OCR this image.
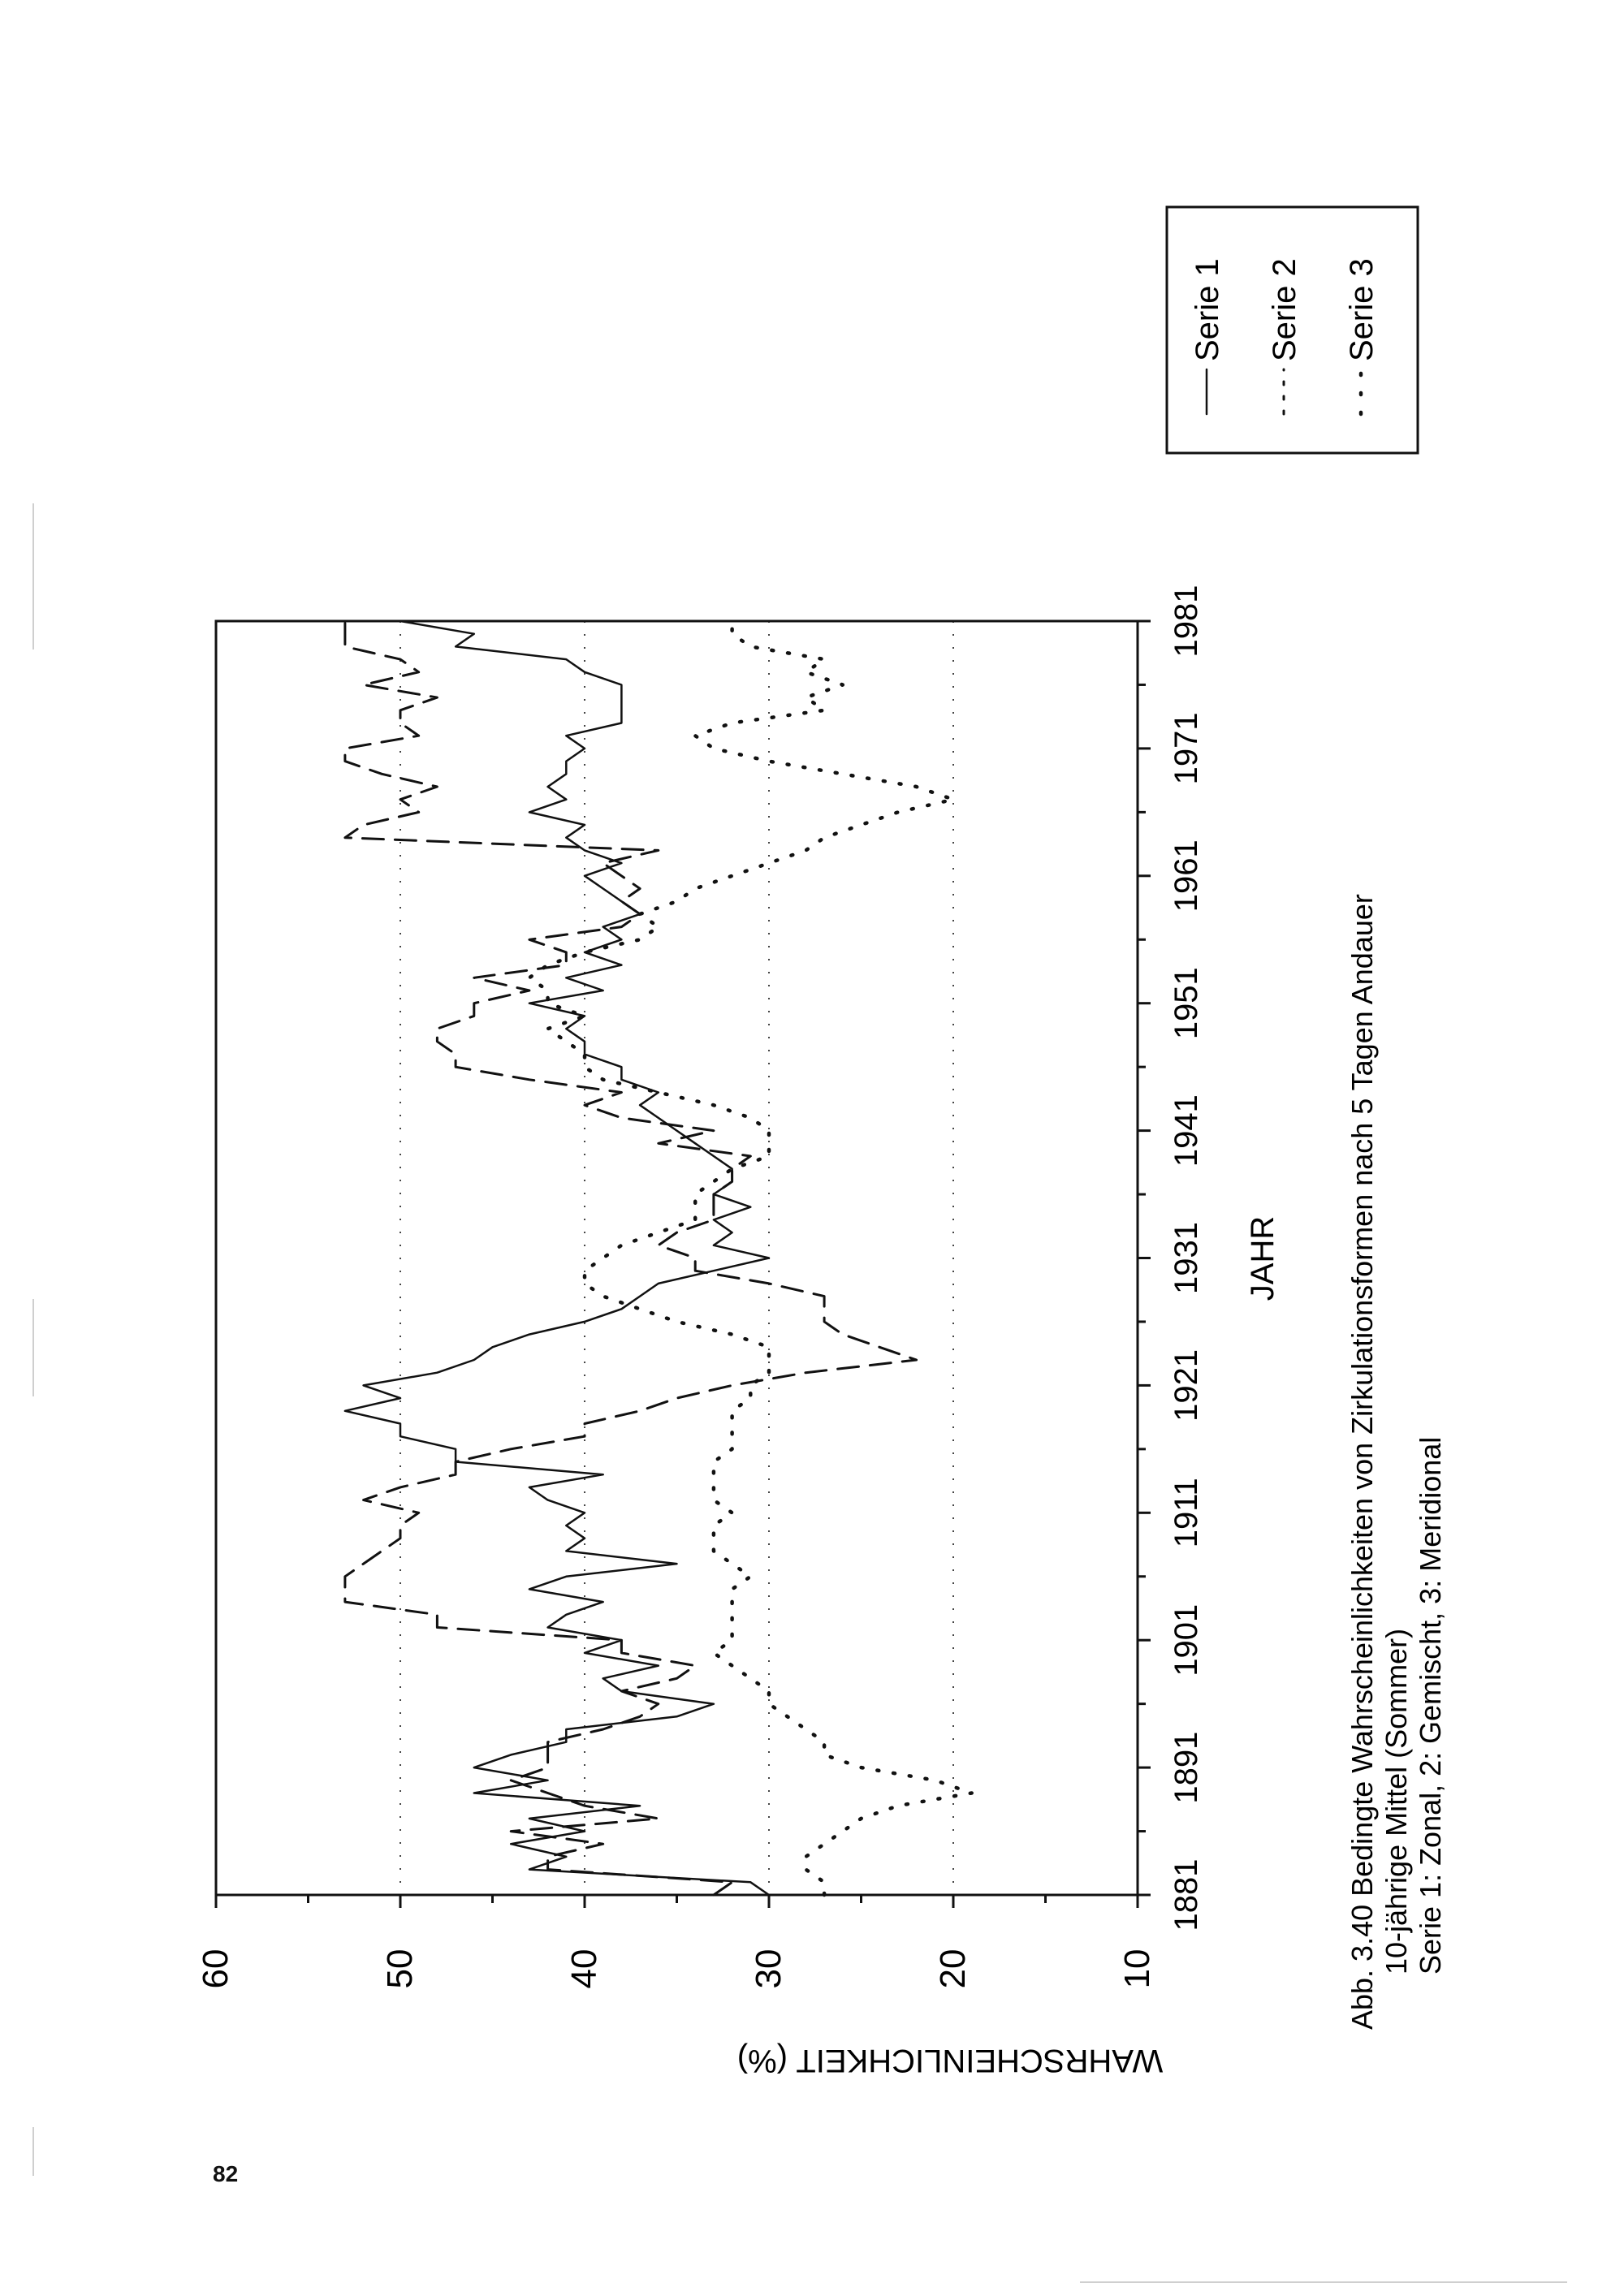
1881
1891
1901
1911
1921
1931
1941
1951
1961
1971
1981
10
20
30
40
50
60
JAHR
WAHRSCHEINLICHKEIT (%)
Serie 1 Serie 2 Serie 3
Abb. 3.40 Bedingte Wahrscheinlichkeiten von Zirkulationsformen nach 5 Tagen Andauer 10-jährige Mittel (Sommer) Serie 1: Zonal, 2: Gemischt, 3: Meridional
82
